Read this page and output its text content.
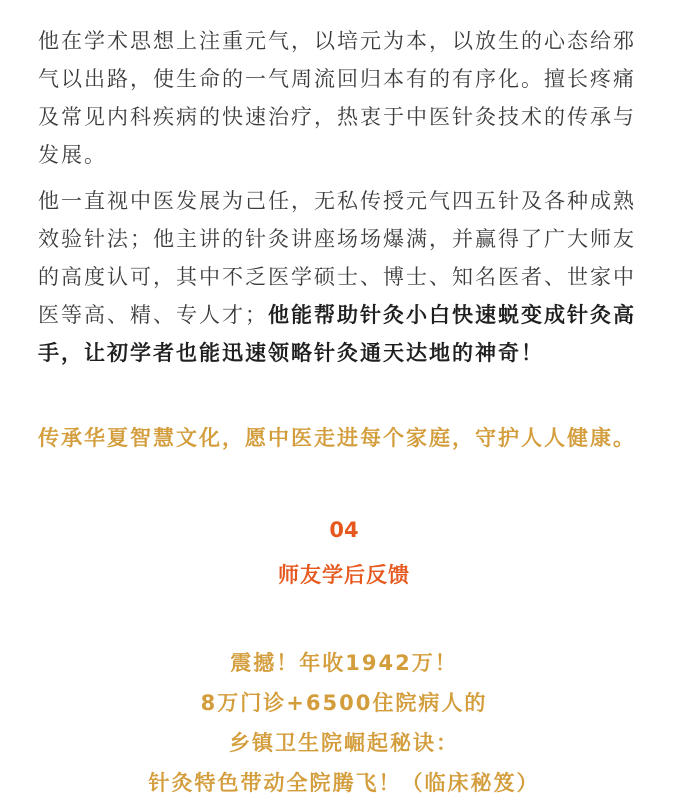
他在学术思想上注重元气，以培元为本，以放生的心态给邪气以出路，使生命的一气周流回归本有的有序化。擅长疼痛及常见内科疾病的快速治疗，热衷于中医针灸技术的传承与发展。

他一直视中医发展为己任，无私传授元气四五针及各种成熟效验针法；他主讲的针灸讲座场场爆满，并赢得了广大师友的高度认可，其中不乏医学硕士、博士、知名医者、世家中医等高、精、专人才；他能帮助针灸小白快速蜕变成针灸高手，让初学者也能迅速领略针灸通天达地的神奇！

传承华夏智慧文化，愿中医走进每个家庭，守护人人健康。

04
师友学后反馈
震撼！年收1942万！
8万门诊+6500住院病人的
乡镇卫生院崛起秘诀：
针灸特色带动全院腾飞！（临床秘笈）
